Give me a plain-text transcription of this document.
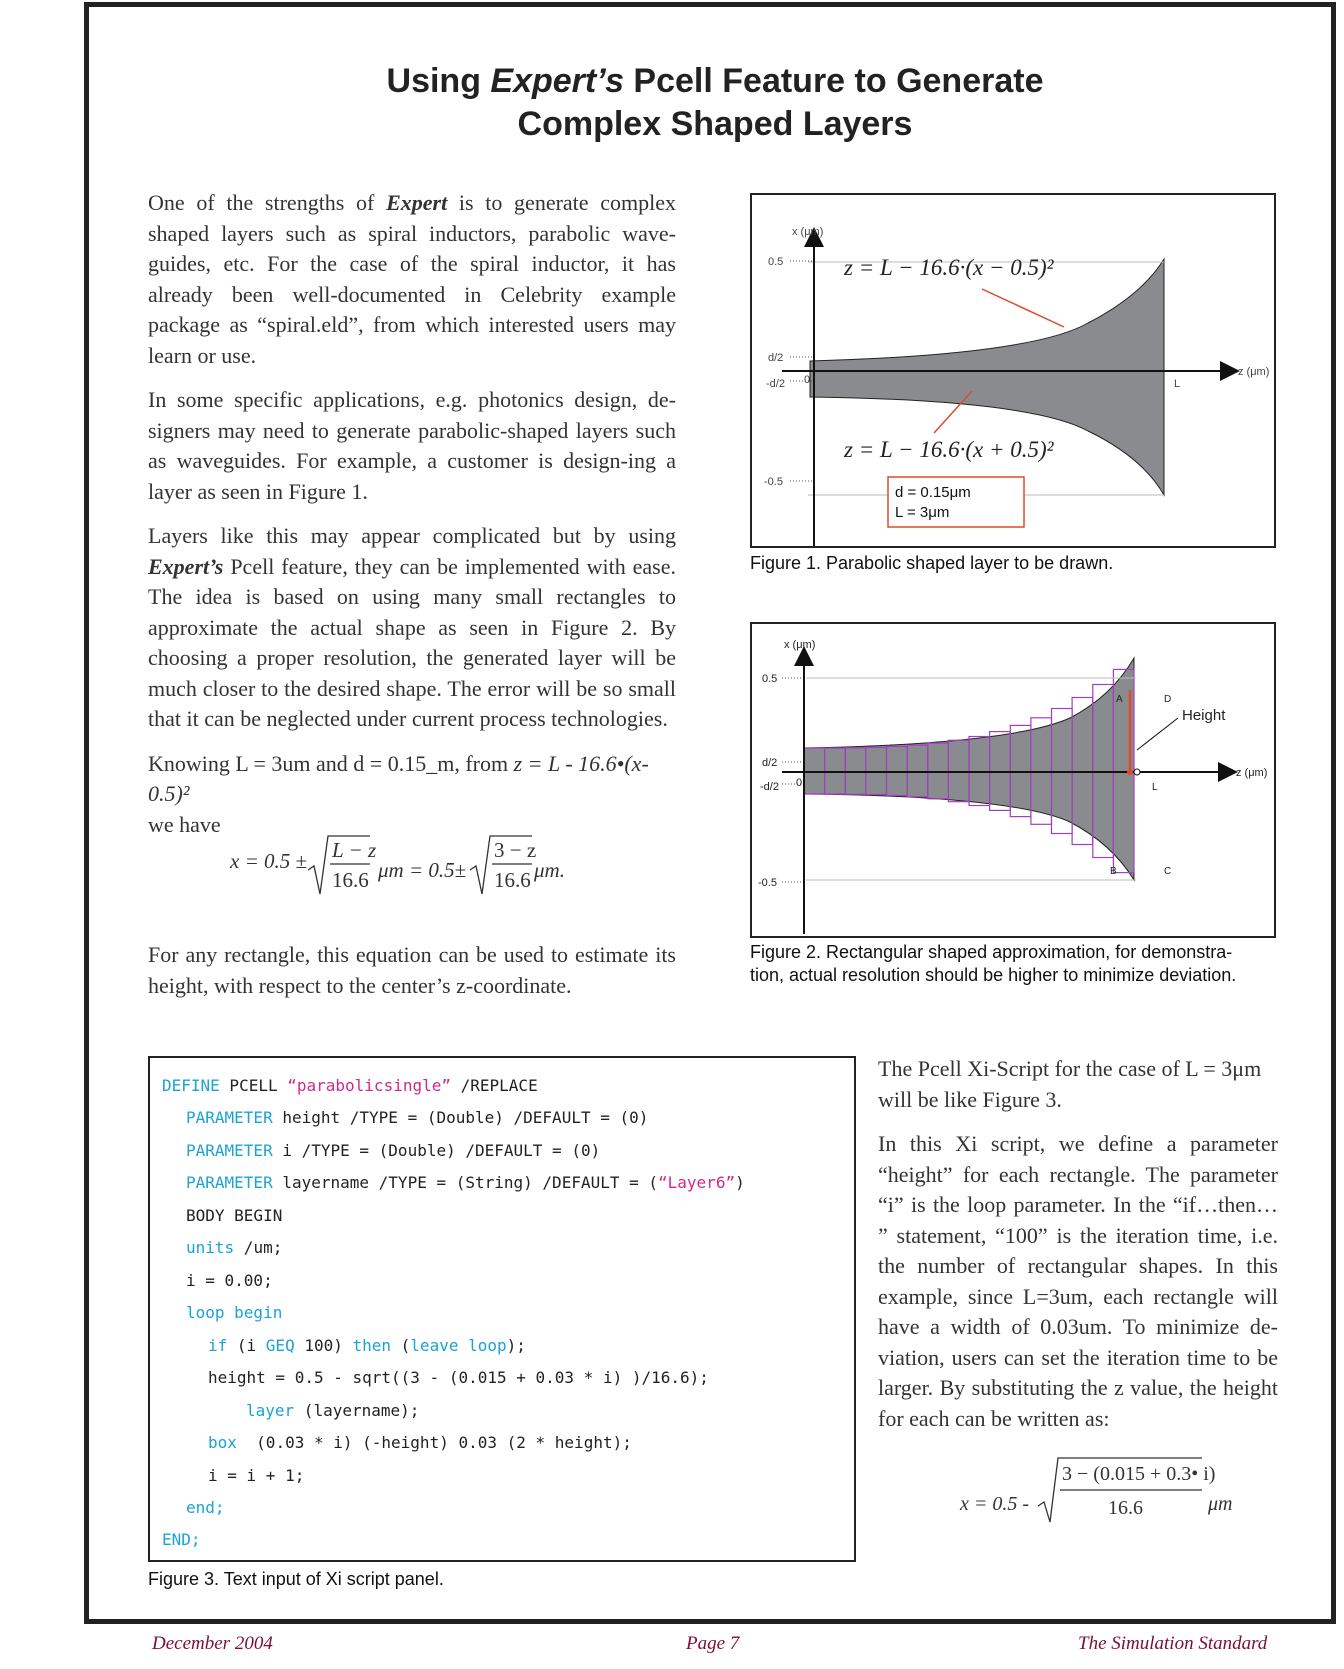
Using Expert’s Pcell Feature to Generate
Complex Shaped Layers

One of the strengths of Expert is to generate complex shaped layers such as spiral inductors, parabolic wave-guides, etc. For the case of the spiral inductor, it has already been well-documented in Celebrity example package as “spiral.eld”, from which interested users may learn or use.

In some specific applications, e.g. photonics design, de-signers may need to generate parabolic-shaped layers such as waveguides. For example, a customer is design-ing a layer as seen in Figure 1.

Layers like this may appear complicated but by using Expert’s Pcell feature, they can be implemented with ease. The idea is based on using many small rectangles to approximate the actual shape as seen in Figure 2. By choosing a proper resolution, the generated layer will be much closer to the desired shape. The error will be so small that it can be neglected under current process technologies.

Knowing L = 3um and d = 0.15_m, from z = L - 16.6•(x-0.5)²
we have

x = 0.5 ± L − z
16.6 μm = 0.5±
3 − z
16.6 μm.
For any rectangle, this equation can be used to estimate its height, with respect to the center’s z-coordinate.
x (μm)
z (μm)
0.5
d/2
-d/2
-0.5
0	L
z = L − 16.6·(x − 0.5)²
z = L − 16.6·(x + 0.5)²
d = 0.15μm
L = 3μm
Figure 1. Parabolic shaped layer to be drawn.
x (μm)
z (μm)
0.5
d/2
-d/2
-0.5
0
A	D
L
B	C
Height
Figure 2. Rectangular shaped approximation, for demonstra-
tion, actual resolution should be higher to minimize deviation.
DEFINE PCELL “parabolicsingle” /REPLACE
PARAMETER height /TYPE = (Double) /DEFAULT = (0)
PARAMETER i /TYPE = (Double) /DEFAULT = (0)
PARAMETER layername /TYPE = (String) /DEFAULT = (“Layer6”)
BODY BEGIN
units /um;
i = 0.00;
loop begin
if (i GEQ 100) then (leave loop);
height = 0.5 - sqrt((3 - (0.015 + 0.03 * i) )/16.6);
layer (layername);
box  (0.03 * i) (-height) 0.03 (2 * height);
i = i + 1;
end;
END;
Figure 3. Text input of Xi script panel.

The Pcell Xi-Script for the case of L = 3μm will be like Figure 3.

In this Xi script, we define a parameter “height” for each rectangle. The parameter “i” is the loop parameter. In the “if…then… ” statement, “100” is the iteration time, i.e. the number of rectangular shapes. In this example, since L=3um, each rectangle will have a width of 0.03um. To minimize de-viation, users can set the iteration time to be larger. By substituting the z value, the height for each can be written as:

x = 0.5 -
3 − (0.015 + 0.3• i)
16.6	μm
December 2004	Page 7	The Simulation Standard
